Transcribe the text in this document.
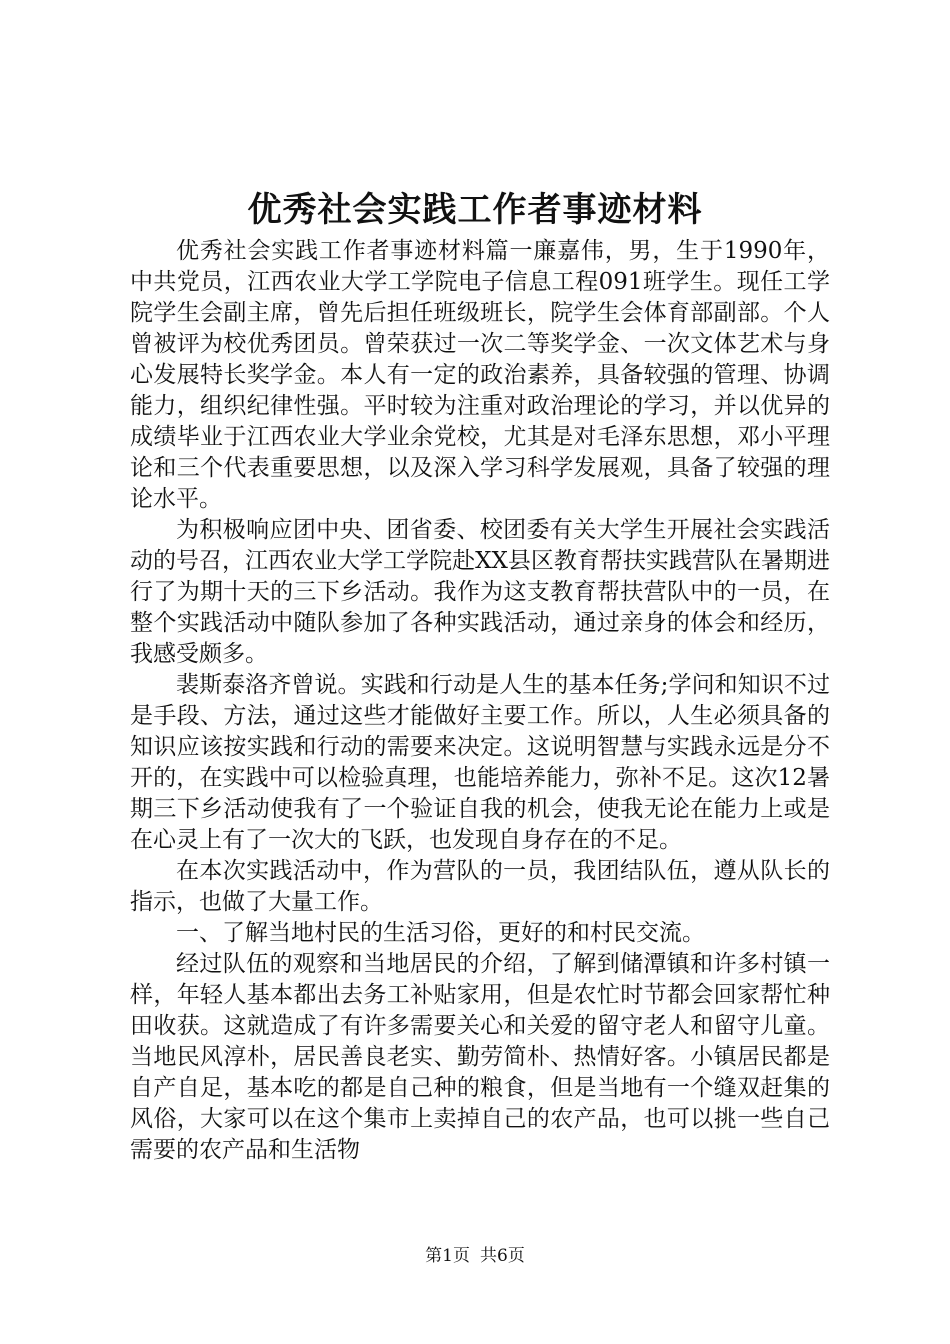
优秀社会实践工作者事迹材料

优秀社会实践工作者事迹材料篇一廉嘉伟，男，生于1990年，中共党员，江西农业大学工学院电子信息工程091班学生。现任工学院学生会副主席，曾先后担任班级班长，院学生会体育部副部。个人曾被评为校优秀团员。曾荣获过一次二等奖学金、一次文体艺术与身心发展特长奖学金。本人有一定的政治素养，具备较强的管理、协调能力，组织纪律性强。平时较为注重对政治理论的学习，并以优异的成绩毕业于江西农业大学业余党校，尤其是对毛泽东思想，邓小平理论和三个代表重要思想，以及深入学习科学发展观，具备了较强的理论水平。

为积极响应团中央、团省委、校团委有关大学生开展社会实践活动的号召，江西农业大学工学院赴XX县区教育帮扶实践营队在暑期进行了为期十天的三下乡活动。我作为这支教育帮扶营队中的一员，在整个实践活动中随队参加了各种实践活动，通过亲身的体会和经历，我感受颇多。

裴斯泰洛齐曾说。实践和行动是人生的基本任务;学问和知识不过是手段、方法，通过这些才能做好主要工作。所以，人生必须具备的知识应该按实践和行动的需要来决定。这说明智慧与实践永远是分不开的，在实践中可以检验真理，也能培养能力，弥补不足。这次12暑期三下乡活动使我有了一个验证自我的机会，使我无论在能力上或是在心灵上有了一次大的飞跃，也发现自身存在的不足。

在本次实践活动中，作为营队的一员，我团结队伍，遵从队长的指示，也做了大量工作。

一、了解当地村民的生活习俗，更好的和村民交流。

经过队伍的观察和当地居民的介绍，了解到储潭镇和许多村镇一样，年轻人基本都出去务工补贴家用，但是农忙时节都会回家帮忙种田收获。这就造成了有许多需要关心和关爱的留守老人和留守儿童。当地民风淳朴，居民善良老实、勤劳简朴、热情好客。小镇居民都是自产自足，基本吃的都是自己种的粮食，但是当地有一个缝双赶集的风俗，大家可以在这个集市上卖掉自己的农产品，也可以挑一些自己需要的农产品和生活物

第1页 共6页
